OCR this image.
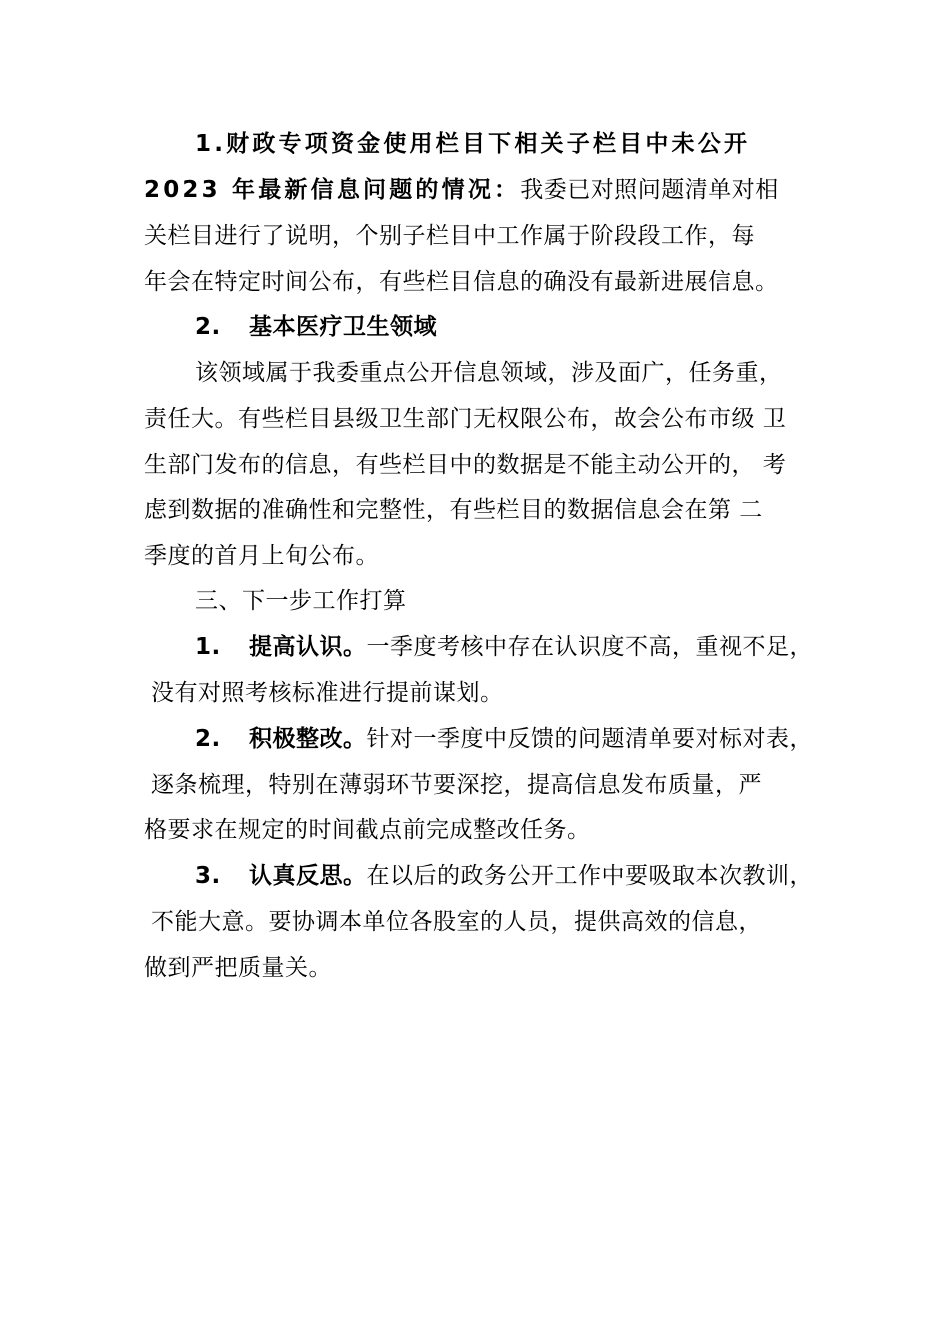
1.财政专项资金使用栏目下相关子栏目中未公开
2023 年最新信息问题的情况：我委已对照问题清单对相
关栏目进行了说明，个别子栏目中工作属于阶段段工作，每
年会在特定时间公布，有些栏目信息的确没有最新进展信息。
2. 基本医疗卫生领域
该领域属于我委重点公开信息领域，涉及面广，任务重，
责任大。有些栏目县级卫生部门无权限公布，故会公布市级 卫
生部门发布的信息，有些栏目中的数据是不能主动公开的， 考
虑到数据的准确性和完整性，有些栏目的数据信息会在第 二
季度的首月上旬公布。
三、下一步工作打算
1. 提高认识。一季度考核中存在认识度不高，重视不足，
没有对照考核标准进行提前谋划。
2. 积极整改。针对一季度中反馈的问题清单要对标对表，
逐条梳理，特别在薄弱环节要深挖，提高信息发布质量，严
格要求在规定的时间截点前完成整改任务。
3. 认真反思。在以后的政务公开工作中要吸取本次教训，
不能大意。要协调本单位各股室的人员，提供高效的信息，
做到严把质量关。
